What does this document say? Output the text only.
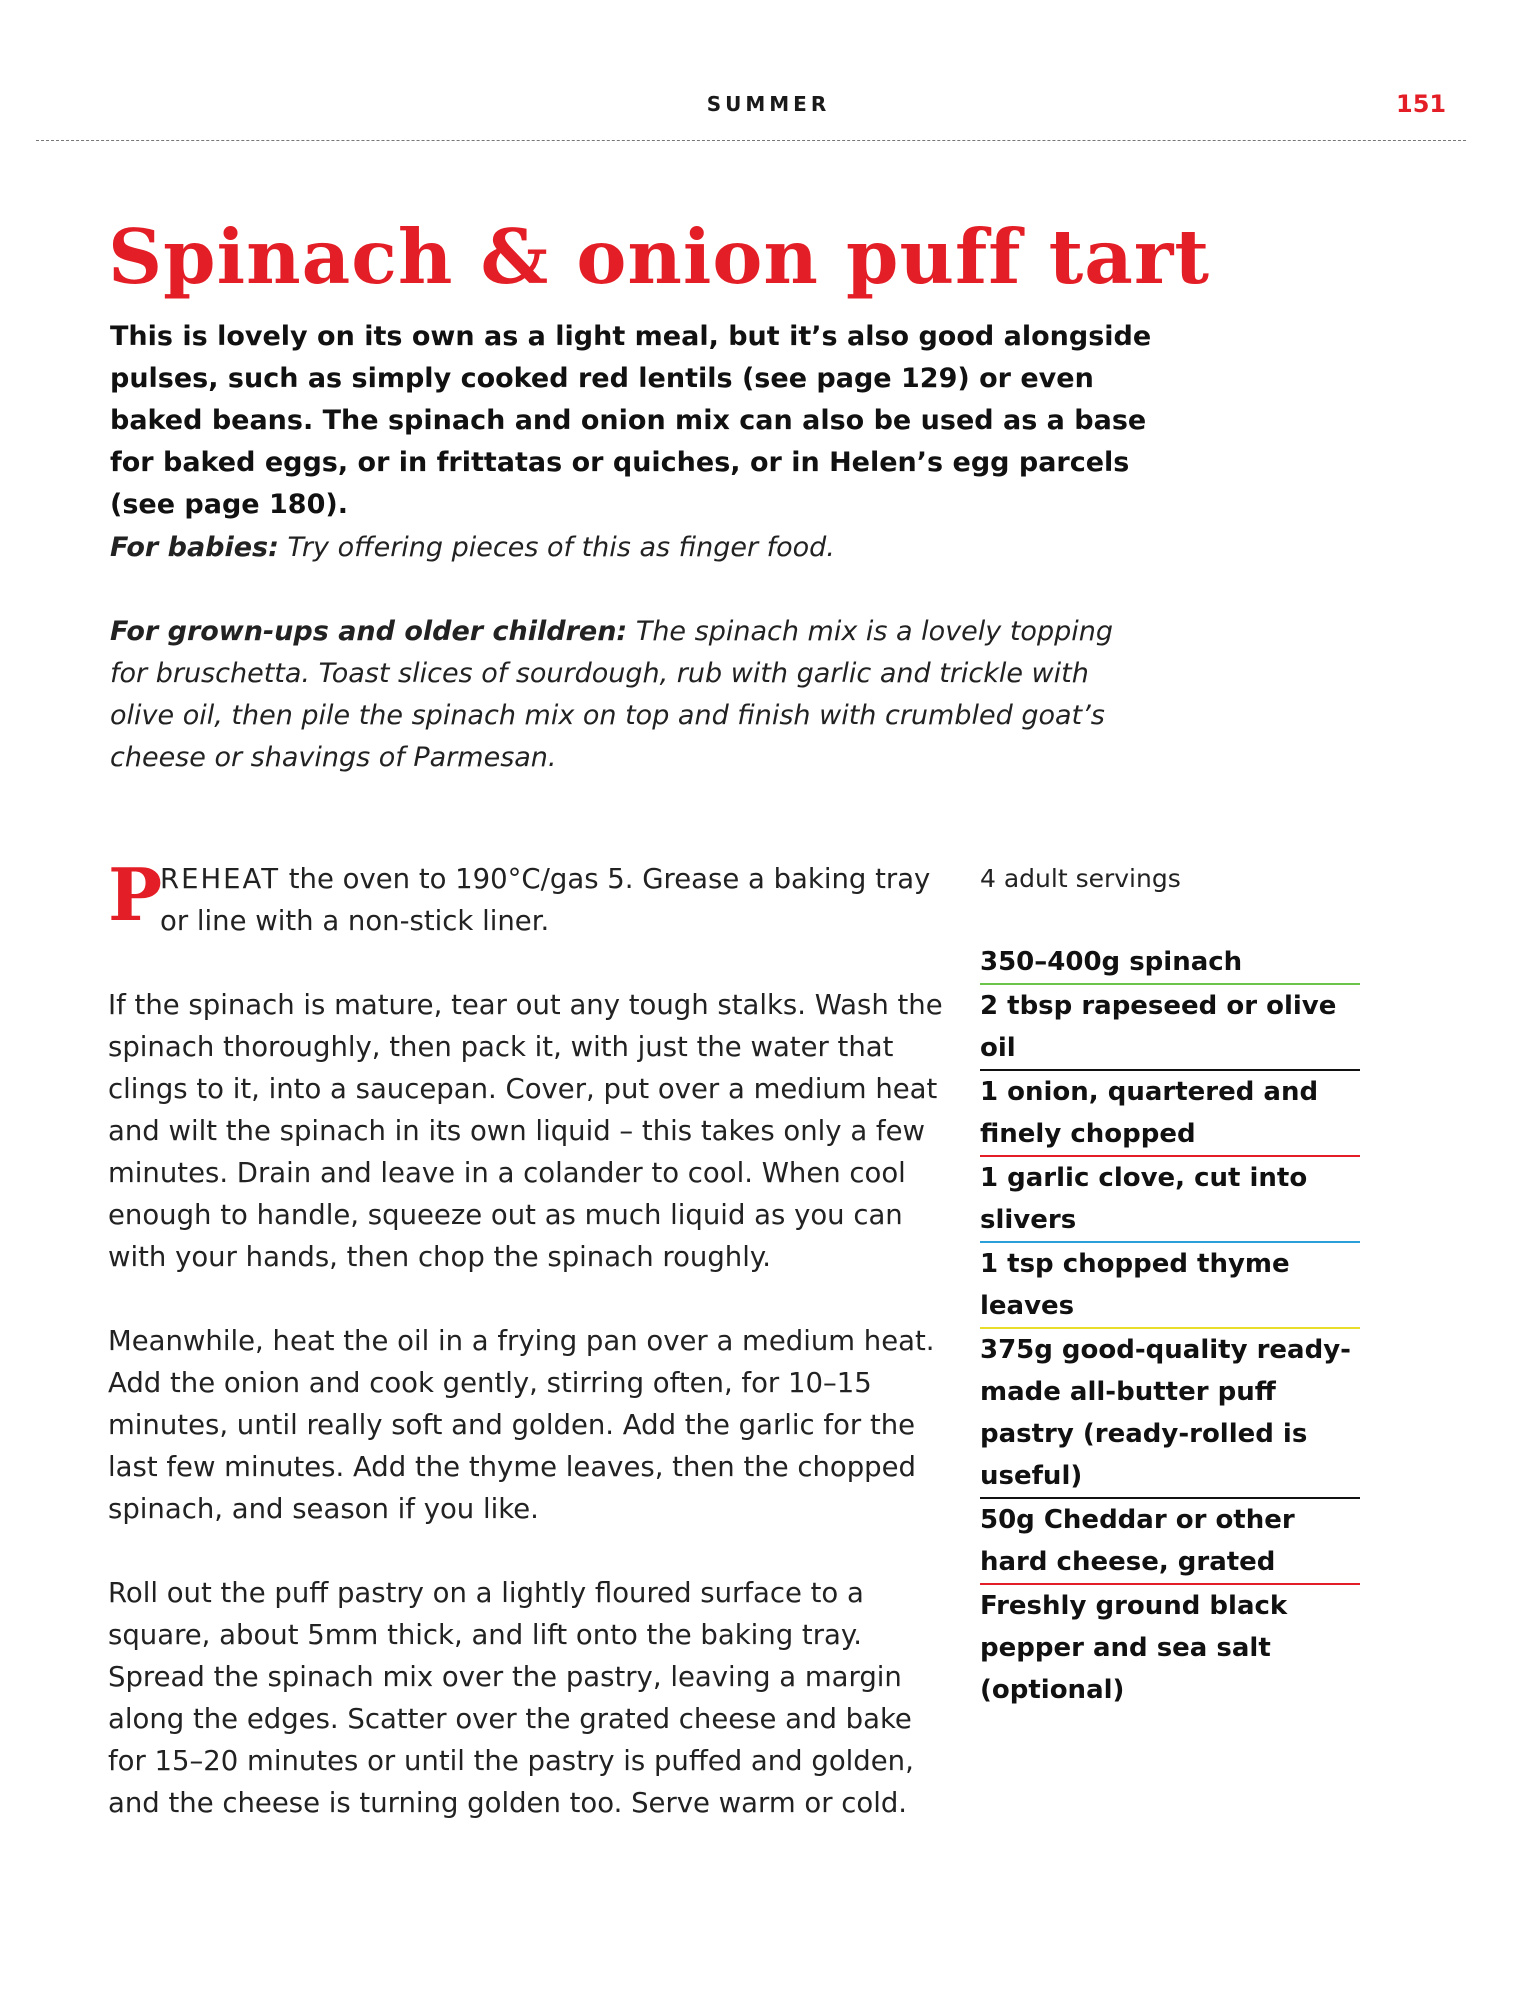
SUMMER	151
Spinach & onion puff tart

This is lovely on its own as a light meal, but it’s also good alongside pulses, such as simply cooked red lentils (see page 129) or even baked beans. The spinach and onion mix can also be used as a base for baked eggs, or in frittatas or quiches, or in Helen’s egg parcels (see page 180).

For babies: Try offering pieces of this as finger food.

For grown-ups and older children: The spinach mix is a lovely topping for bruschetta. Toast slices of sourdough, rub with garlic and trickle with olive oil, then pile the spinach mix on top and finish with crumbled goat’s cheese or shavings of Parmesan.

P
REHEAT the oven to 190°C/gas 5. Grease a baking tray or line with a non-stick liner.

If the spinach is mature, tear out any tough stalks. Wash the spinach thoroughly, then pack it, with just the water that clings to it, into a saucepan. Cover, put over a medium heat and wilt the spinach in its own liquid – this takes only a few minutes. Drain and leave in a colander to cool. When cool enough to handle, squeeze out as much liquid as you can with your hands, then chop the spinach roughly.

Meanwhile, heat the oil in a frying pan over a medium heat. Add the onion and cook gently, stirring often, for 10–15 minutes, until really soft and golden. Add the garlic for the last few minutes. Add the thyme leaves, then the chopped spinach, and season if you like.

Roll out the puff pastry on a lightly floured surface to a square, about 5mm thick, and lift onto the baking tray. Spread the spinach mix over the pastry, leaving a margin along the edges. Scatter over the grated cheese and bake for 15–20 minutes or until the pastry is puffed and golden, and the cheese is turning golden too. Serve warm or cold.

4 adult servings
350–400g spinach
2 tbsp rapeseed or olive oil
1 onion, quartered and finely chopped
1 garlic clove, cut into slivers
1 tsp chopped thyme leaves
375g good-quality ready-made all-butter puff pastry (ready-rolled is useful)
50g Cheddar or other hard cheese, grated
Freshly ground black pepper and sea salt (optional)
